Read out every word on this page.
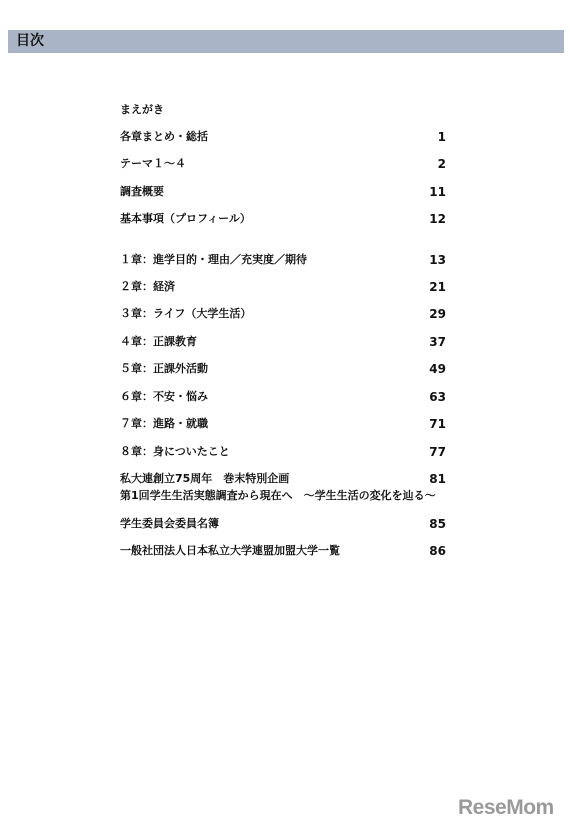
目次
まえがき
各章まとめ・総括	1
テーマ１～４	2
調査概要	11
基本事項（プロフィール）	12
１章：進学目的・理由／充実度／期待	13
２章：経済	21
３章：ライフ（大学生活）	29
４章：正課教育	37
５章：正課外活動	49
６章：不安・悩み	63
７章：進路・就職	71
８章：身についたこと	77
私大連創立75周年　巻末特別企画	81
第1回学生生活実態調査から現在へ　～学生生活の変化を辿る～
学生委員会委員名簿	85
一般社団法人日本私立大学連盟加盟大学一覧	86
ReseMom
